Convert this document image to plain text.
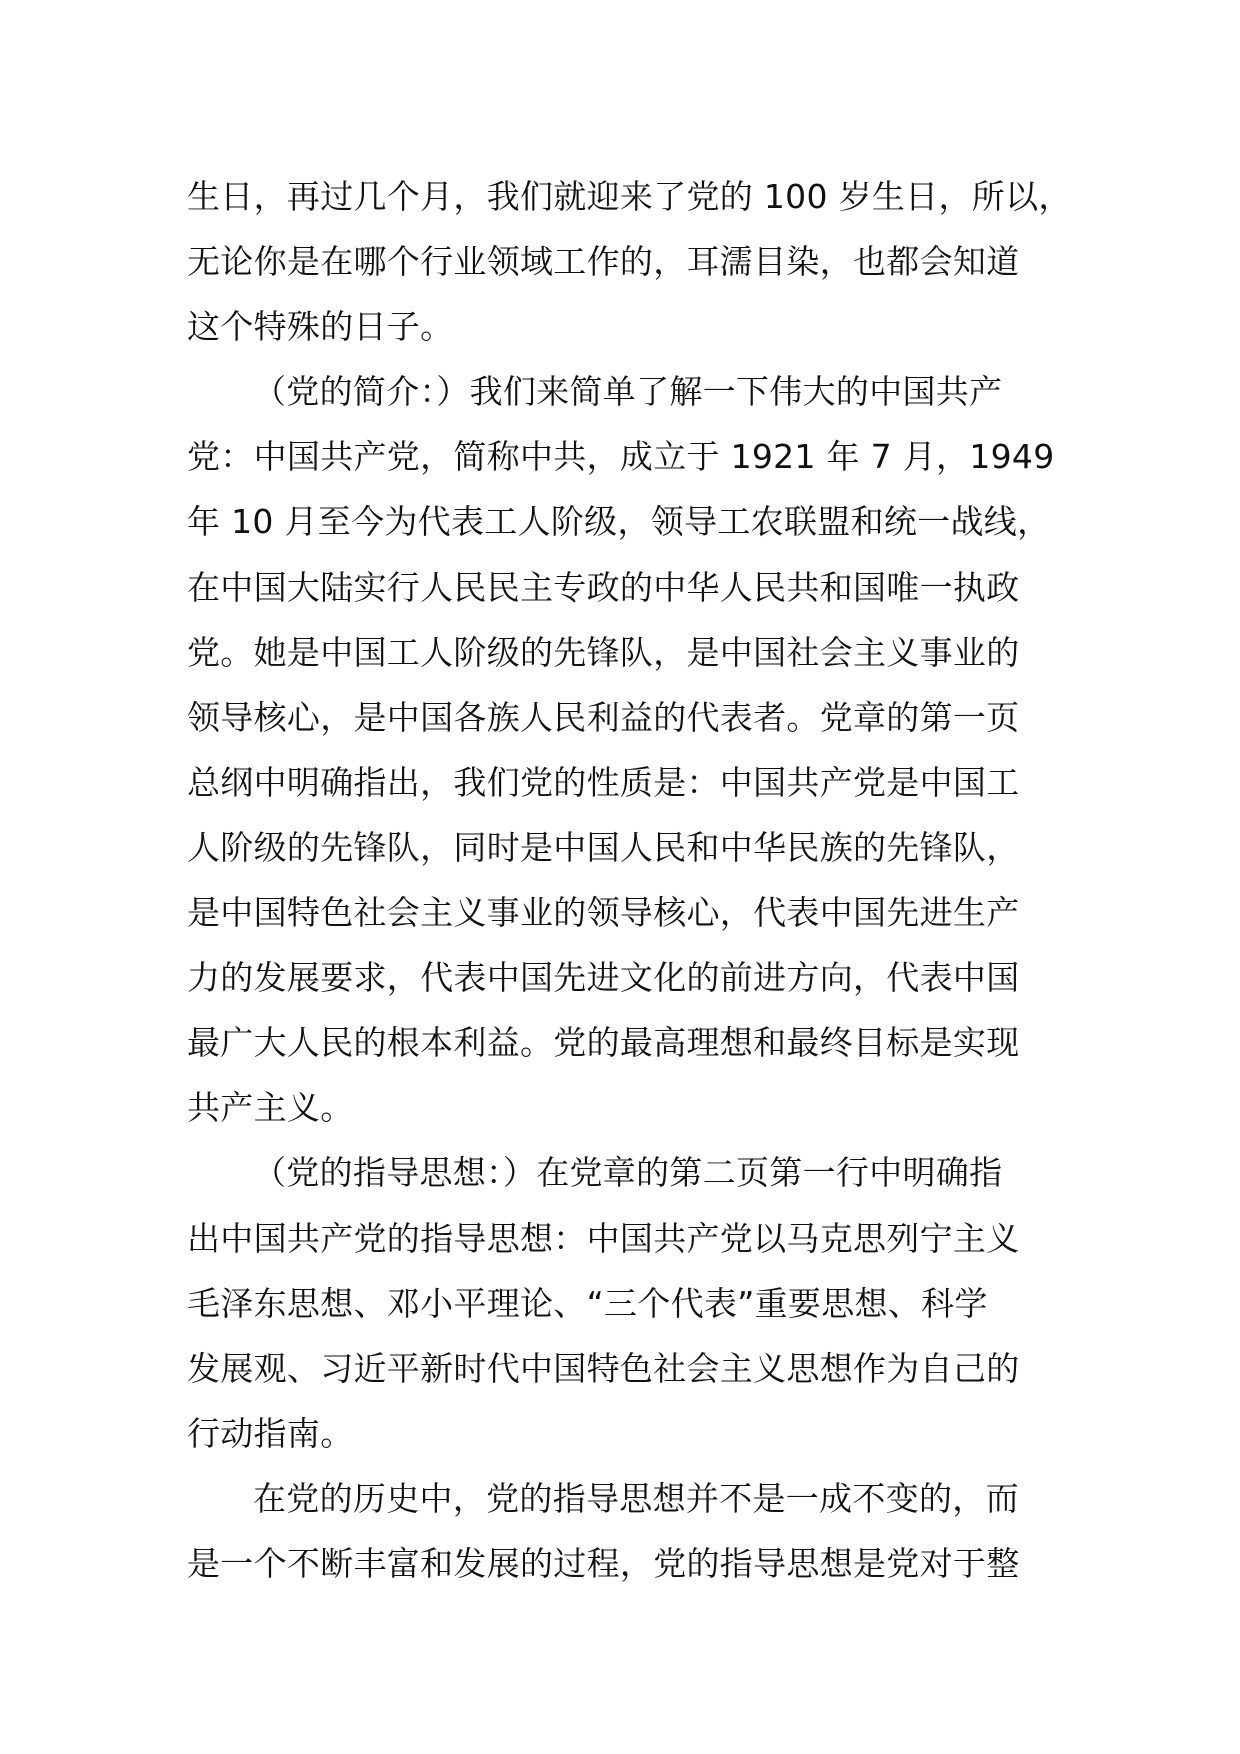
生日，再过几个月，我们就迎来了党的 100 岁生日，所以，
无论你是在哪个行业领域工作的，耳濡目染，也都会知道
这个特殊的日子。
（党的简介：）我们来简单了解一下伟大的中国共产
党：中国共产党，简称中共，成立于 1921 年 7 月，1949
年 10 月至今为代表工人阶级，领导工农联盟和统一战线，
在中国大陆实行人民民主专政的中华人民共和国唯一执政
党。她是中国工人阶级的先锋队，是中国社会主义事业的
领导核心，是中国各族人民利益的代表者。党章的第一页
总纲中明确指出，我们党的性质是：中国共产党是中国工
人阶级的先锋队，同时是中国人民和中华民族的先锋队，
是中国特色社会主义事业的领导核心，代表中国先进生产
力的发展要求，代表中国先进文化的前进方向，代表中国
最广大人民的根本利益。党的最高理想和最终目标是实现
共产主义。
（党的指导思想：）在党章的第二页第一行中明确指
出中国共产党的指导思想：中国共产党以马克思列宁主义
毛泽东思想、邓小平理论、“三个代表”重要思想、科学
发展观、习近平新时代中国特色社会主义思想作为自己的
行动指南。
在党的历史中，党的指导思想并不是一成不变的，而
是一个不断丰富和发展的过程，党的指导思想是党对于整
